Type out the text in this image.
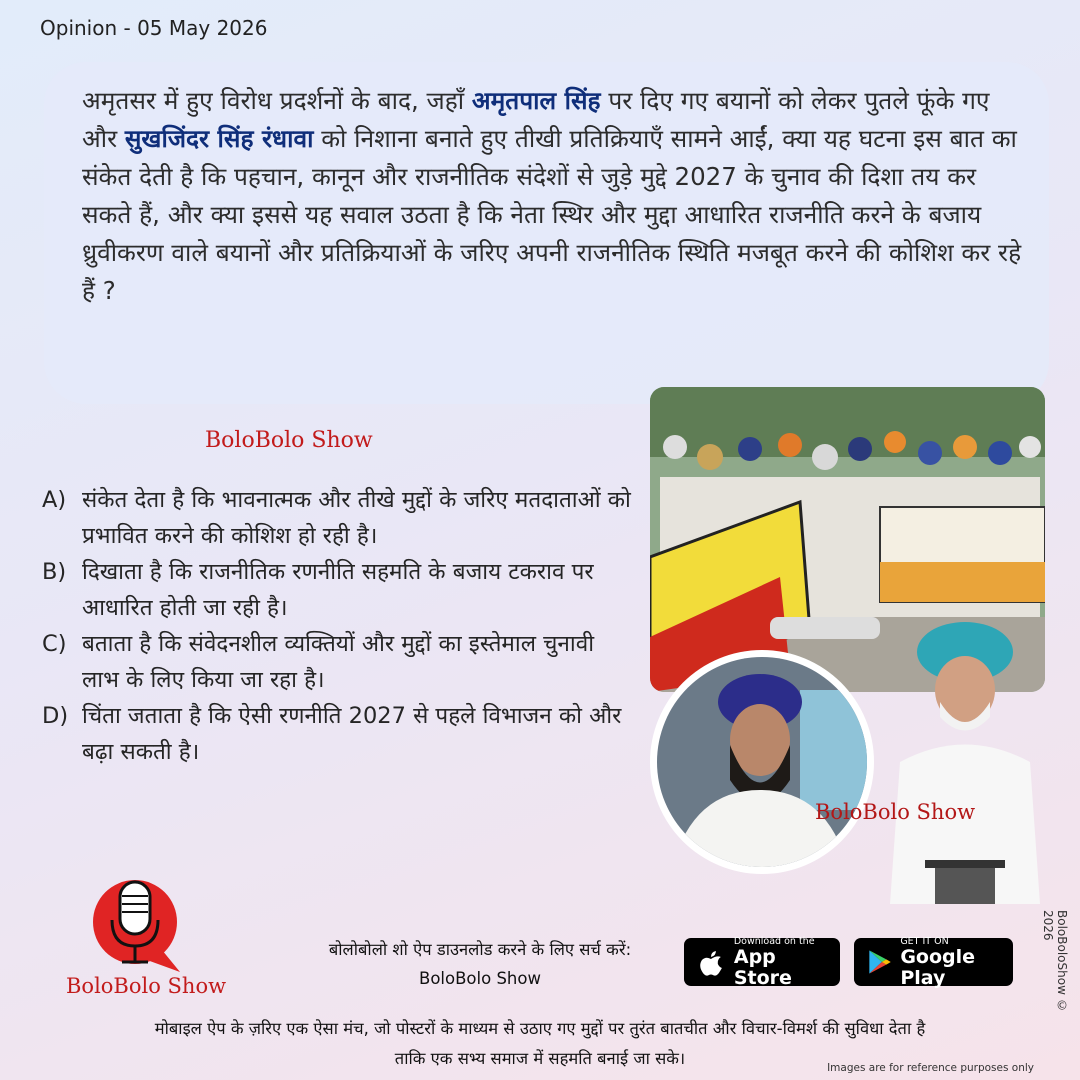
Opinion - 05 May 2026
अमृतसर में हुए विरोध प्रदर्शनों के बाद, जहाँ अमृतपाल सिंह पर दिए गए बयानों को लेकर पुतले फूंके गए और सुखजिंदर सिंह रंधावा को निशाना बनाते हुए तीखी प्रतिक्रियाएँ सामने आईं, क्या यह घटना इस बात का संकेत देती है कि पहचान, कानून और राजनीतिक संदेशों से जुड़े मुद्दे 2027 के चुनाव की दिशा तय कर सकते हैं, और क्या इससे यह सवाल उठता है कि नेता स्थिर और मुद्दा आधारित राजनीति करने के बजाय ध्रुवीकरण वाले बयानों और प्रतिक्रियाओं के जरिए अपनी राजनीतिक स्थिति मजबूत करने की कोशिश कर रहे हैं ?
BoloBolo Show
A) संकेत देता है कि भावनात्मक और तीखे मुद्दों के जरिए मतदाताओं को प्रभावित करने की कोशिश हो रही है।
B) दिखाता है कि राजनीतिक रणनीति सहमति के बजाय टकराव पर आधारित होती जा रही है।
C) बताता है कि संवेदनशील व्यक्तियों और मुद्दों का इस्तेमाल चुनावी लाभ के लिए किया जा रहा है।
D) चिंता जताता है कि ऐसी रणनीति 2027 से पहले विभाजन को और बढ़ा सकती है।
BoloBolo Show
BoloBolo Show
बोलोबोलो शो ऐप डाउनलोड करने के लिए सर्च करें:
BoloBolo Show
Download on the
App Store
GET IT ON
Google Play
मोबाइल ऐप के ज़रिए एक ऐसा मंच, जो पोस्टरों के माध्यम से उठाए गए मुद्दों पर तुरंत बातचीत और विचार-विमर्श की सुविधा देता है
ताकि एक सभ्य समाज में सहमति बनाई जा सके।	Images are for reference purposes only
BoloBoloShow © 2026
